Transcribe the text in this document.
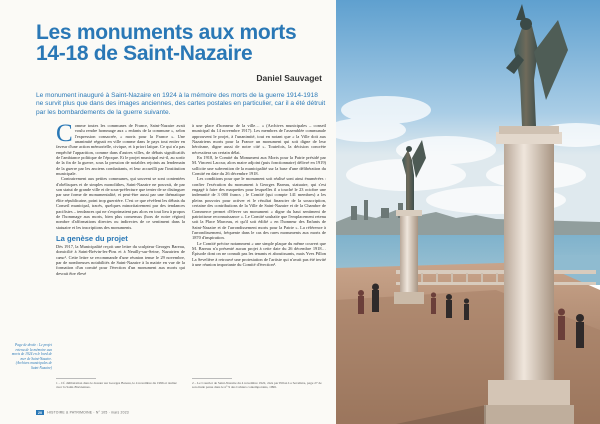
Les monuments aux morts
14-18 de Saint-Nazaire
Daniel Sauvaget
Le monument inauguré à Saint-Nazaire en 1924 à la mémoire des morts de la guerre 1914-1918 ne survit plus que dans des images anciennes, des cartes postales en particulier, car il a été détruit par les bombardements de la guerre suivante.

Comme toutes les communes de France, Saint-Nazaire avait voulu rendre hommage aux « enfants de la commune », selon l'expression consacrée, « morts pour la France ». Une unanimité régnait en ville comme dans le pays tout entier en faveur d'une action mémorielle, civique, et à priori laïque. Ce qui n'a pas empêché l'apparition, comme dans d'autres villes, de débats significatifs de l'ambiance politique de l'époque. Et le projet municipal est-il, au sortir de la fin de la guerre, sous la pression de notables rejoints au lendemain de la guerre par les anciens combattants, et leur accueilli par l'institution municipale.

Contrairement aux petites communes, qui souvent se sont contentées d'obélisques et de simples monolithes, Saint-Nazaire ne pouvait, de par son statut de grande ville et de sous-préfecture que tenter de se distinguer par une forme de monumentalité, et peut-être aussi par une thématique élite républicaine, point trop guerrière. C'est ce que révèlent les débats du Conseil municipal, tracés, quelques minoritairement par des tendances pacifistes – tendances qui ne s'exprimaient pas alors en tout lieu à propos de l'hommage aux morts, bien plus consensus (hors de notre région) nombre d'affirmations directes ou indirectes de ce sentiment dans la statuaire et les inscriptions des monuments.

La genèse du projet

Dès 1917, la Municipalité reçoit une lettre du sculpteur Georges Bareau, domicilié à Saint-Brévin-les-Pins et à Neuilly-sur-Seine, Nazairien de cœur¹. Cette lettre se recommande d'une réunion tenue le 29 novembre, par de nombreuses notabilités de Saint-Nazaire à la mairie en vue de la formation d'un comité pour l'érection d'un monument aux morts qui devrait être élevé

à une place d'honneur de la ville… » (Archives municipales – conseil municipal du 14 novembre 1917). Les membres de l'assemblée communale approuvent le projet, à l'unanimité, tout en notant que « la Ville doit aux Nazairiens morts pour la France un monument qui soit digne de leur héroïsme, digne aussi de notre cité ». Toutefois, la décision concrète nécessitera un certain délai.

En 1918, le Comité du Monument aux Morts pour la Patrie présidé par M. Vincent Lacour, alors maire adjoint (puis fonctionnaire) délivré en 1919) sollicite une subvention de la municipalité sur la base d'une délibération du Comité en date du 26 décembre 1918.

Les conditions pour que le monument soit réalisé sont ainsi énumérées : confier l'exécution du monument à Georges Bareau, statuaire, qui s'est engagé à faire des maquettes pour lesquelles il a touché le 23 octobre une indemnité de 3 000 francs ; le Comité (qui compte 141 membres) a les pleins pouvoirs pour activer et le résultat financier de la souscription, certaine des contributions de la Ville de Saint-Nazaire et de la Chambre de Commerce permet d'élever un monument « digne du haut sentiment de patriotisme reconnaissance ». Le Comité souhaite que l'emplacement retenu soit la Place Marceau, et qu'il soit édifié « en l'honneur des Enfants de Saint-Nazaire et de l'arrondissement morts pour la Patrie ». La référence à l'arrondissement, fréquente dans le cas des rares monuments aux morts de 1870 d'inspiration.

Le Comité précise notamment « une simple plaque du même couvert que M. Bareau n'a présenté aucun projet à cette date du 26 décembre 1918… Épisode dont on ne connaît pas les tenants et aboutissants, mais Yves Pillon La Sevelière à retrouvé une protestation de l'artiste qui n'avait pas été invité à une réunion importante du Comité d'érection².

Page de droite : Le projet retenu de la mémoire aux morts de 1924 en le bord de mer de Saint-Nazaire. (Archives municipales de Saint-Nazaire)
1 – Cf. délibération dans le dossier sur Georges Bareau, le 4 novembre du 1996 et réalisé avec la Saint-Breviennes.
2 – Le Courrier de Saint-Nazaire du 4 novembre 1922, cités par Pillon La Sevelière, page 27 de son étude parue dans le n° 9 des Cahiers contemporains, 1996.
20 HISTOIRE & PATRIMOINE · N° 105 · mars 2023
